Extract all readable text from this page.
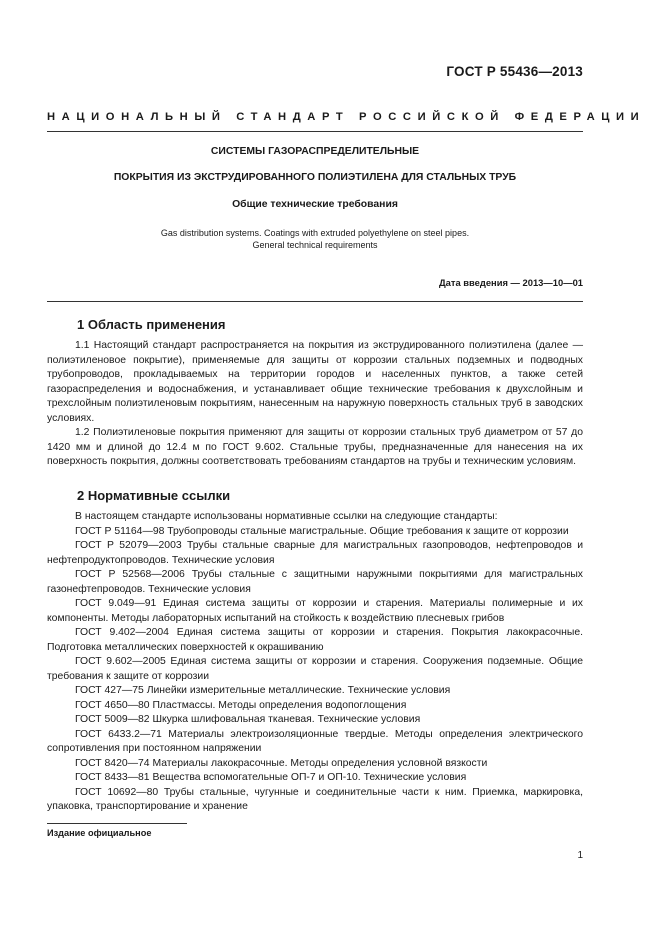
ГОСТ Р 55436—2013
НАЦИОНАЛЬНЫЙ СТАНДАРТ РОССИЙСКОЙ ФЕДЕРАЦИИ
СИСТЕМЫ ГАЗОРАСПРЕДЕЛИТЕЛЬНЫЕ
ПОКРЫТИЯ ИЗ ЭКСТРУДИРОВАННОГО ПОЛИЭТИЛЕНА ДЛЯ СТАЛЬНЫХ ТРУБ
Общие технические требования
Gas distribution systems. Coatings with extruded polyethylene on steel pipes.
General technical requirements
Дата введения — 2013—10—01
1 Область применения

1.1 Настоящий стандарт распространяется на покрытия из экструдированного полиэтилена (далее — полиэтиленовое покрытие), применяемые для защиты от коррозии стальных подземных и подводных трубопроводов, прокладываемых на территории городов и населенных пунктов, а также сетей газораспределения и водоснабжения, и устанавливает общие технические требования к двухслойным и трехслойным полиэтиленовым покрытиям, нанесенным на наружную поверхность стальных труб в заводских условиях.

1.2 Полиэтиленовые покрытия применяют для защиты от коррозии стальных труб диаметром от 57 до 1420 мм и длиной до 12.4 м по ГОСТ 9.602. Стальные трубы, предназначенные для нанесения на их поверхность покрытия, должны соответствовать требованиям стандартов на трубы и техническим условиям.

2 Нормативные ссылки

В настоящем стандарте использованы нормативные ссылки на следующие стандарты:

ГОСТ Р 51164—98 Трубопроводы стальные магистральные. Общие требования к защите от коррозии

ГОСТ Р 52079—2003 Трубы стальные сварные для магистральных газопроводов, нефтепроводов и нефтепродуктопроводов. Технические условия

ГОСТ Р 52568—2006 Трубы стальные с защитными наружными покрытиями для магистральных газонефтепроводов. Технические условия

ГОСТ 9.049—91 Единая система защиты от коррозии и старения. Материалы полимерные и их компоненты. Методы лабораторных испытаний на стойкость к воздействию плесневых грибов

ГОСТ 9.402—2004 Единая система защиты от коррозии и старения. Покрытия лакокрасочные. Подготовка металлических поверхностей к окрашиванию

ГОСТ 9.602—2005 Единая система защиты от коррозии и старения. Сооружения подземные. Общие требования к защите от коррозии

ГОСТ 427—75 Линейки измерительные металлические. Технические условия

ГОСТ 4650—80 Пластмассы. Методы определения водопоглощения

ГОСТ 5009—82 Шкурка шлифовальная тканевая. Технические условия

ГОСТ 6433.2—71 Материалы электроизоляционные твердые. Методы определения электрического сопротивления при постоянном напряжении

ГОСТ 8420—74 Материалы лакокрасочные. Методы определения условной вязкости

ГОСТ 8433—81 Вещества вспомогательные ОП-7 и ОП-10. Технические условия

ГОСТ 10692—80 Трубы стальные, чугунные и соединительные части к ним. Приемка, маркировка, упаковка, транспортирование и хранение

Издание официальное
1
